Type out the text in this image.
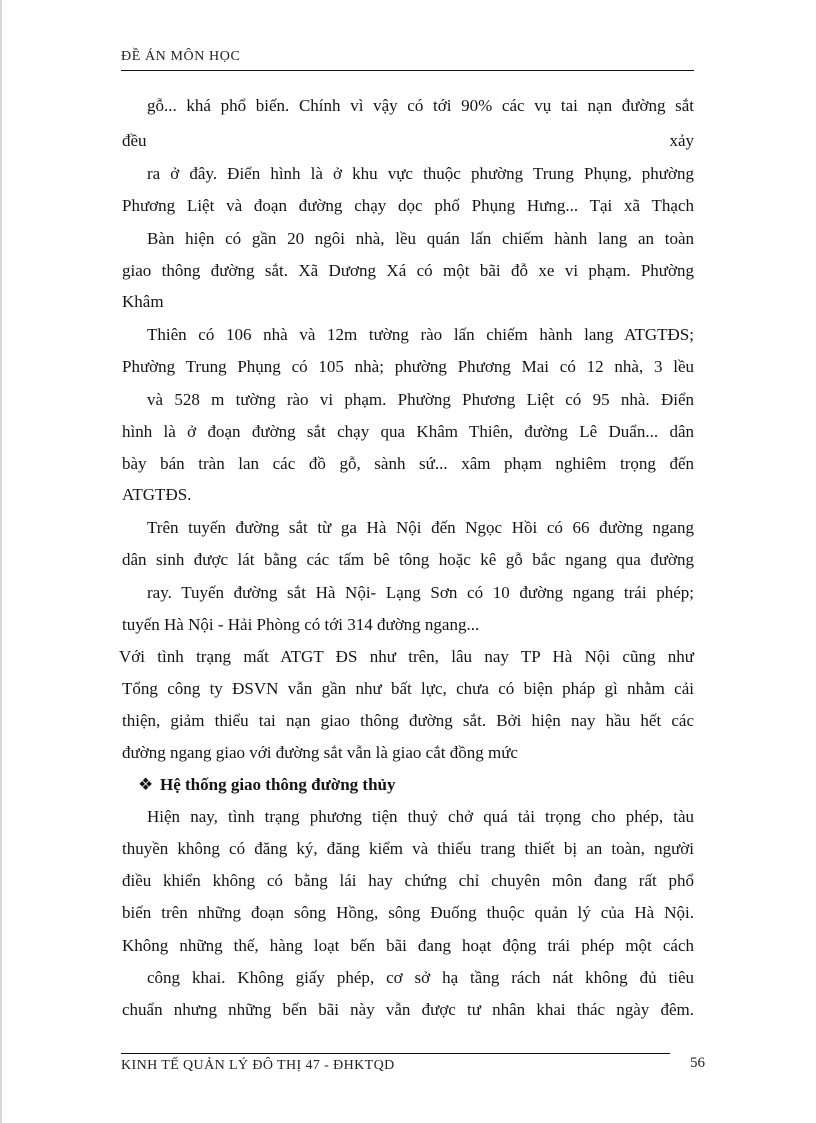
ĐỀ ÁN MÔN HỌC
gỗ... khá phổ biến. Chính vì vậy có tới 90% các vụ tai nạn đường sắt
đều	xảy
ra ở đây. Điển hình là ở khu vực thuộc phường Trung Phụng, phường
Phương Liệt và đoạn đường chạy dọc phố Phụng Hưng... Tại xã Thạch
Bàn hiện có gần 20 ngôi nhà, lều quán lấn chiếm hành lang an toàn
giao thông đường sắt. Xã Dương Xá có một bãi đỗ xe vi phạm. Phường
Khâm
Thiên có 106 nhà và 12m tường rào lấn chiếm hành lang ATGTĐS;
Phường Trung Phụng có 105 nhà; phường Phương Mai có 12 nhà, 3 lều
và 528 m tường rào vi phạm. Phường Phương Liệt có 95 nhà. Điển
hình là ở đoạn đường sắt chạy qua Khâm Thiên, đường Lê Duẩn... dân
bày bán tràn lan các đồ gỗ, sành sứ... xâm phạm nghiêm trọng đến
ATGTĐS.
Trên tuyến đường sắt từ ga Hà Nội đến Ngọc Hồi có 66 đường ngang
dân sinh được lát bằng các tấm bê tông hoặc kê gỗ bắc ngang qua đường
ray. Tuyến đường sắt Hà Nội- Lạng Sơn có 10 đường ngang trái phép;
tuyến Hà Nội - Hải Phòng có tới 314 đường ngang...
Với tình trạng mất ATGT ĐS như trên, lâu nay TP Hà Nội cũng như
Tổng công ty ĐSVN vẫn gần như bất lực, chưa có biện pháp gì nhằm cải
thiện, giảm thiểu tai nạn giao thông đường sắt. Bởi hiện nay hầu hết các
đường ngang giao với đường sắt vẫn là giao cắt đồng mức
❖ Hệ thống giao thông đường thủy
Hiện nay, tình trạng phương tiện thuỷ chở quá tải trọng cho phép, tàu
thuyền không có đăng ký, đăng kiểm và thiếu trang thiết bị an toàn, người
điều khiển không có bằng lái hay chứng chỉ chuyên môn đang rất phổ
biến trên những đoạn sông Hồng, sông Đuống thuộc quản lý của Hà Nội.
Không những thế, hàng loạt bến bãi đang hoạt động trái phép một cách
công khai. Không giấy phép, cơ sở hạ tầng rách nát không đủ tiêu
chuẩn nhưng những bến bãi này vẫn được tư nhân khai thác ngày đêm.
KINH TẾ QUẢN LÝ ĐÔ THỊ 47 - ĐHKTQD	56
